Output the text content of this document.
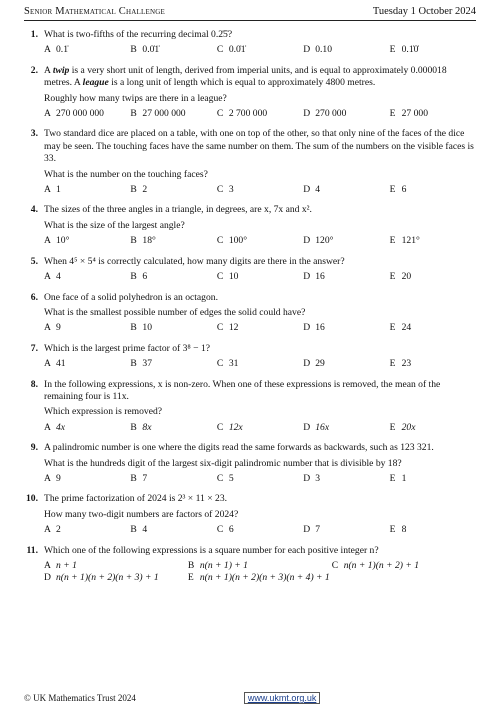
Senior Mathematical Challenge	Tuesday 1 October 2024
1. What is two-fifths of the recurring decimal 0.2̇5̇?

A 0.1̇	B 0.0̇1̇	C 0.0̇1̇	D 0.10	E 0.1̇0̇
2. A twip is a very short unit of length, derived from imperial units, and is equal to approximately 0.000018 metres. A league is a long unit of length which is equal to approximately 4800 metres.

Roughly how many twips are there in a league?

A 270 000 000	B 27 000 000	C 2 700 000	D 270 000	E 27 000
3. Two standard dice are placed on a table, with one on top of the other, so that only nine of the faces of the dice may be seen. The touching faces have the same number on them. The sum of the numbers on the visible faces is 33.

What is the number on the touching faces?

A 1	B 2	C 3	D 4	E 6
4. The sizes of the three angles in a triangle, in degrees, are x, 7x and x².

What is the size of the largest angle?

A 10°	B 18°	C 100°	D 120°	E 121°
5. When 4⁵ × 5⁴ is correctly calculated, how many digits are there in the answer?

A 4	B 6	C 10	D 16	E 20
6. One face of a solid polyhedron is an octagon.

What is the smallest possible number of edges the solid could have?

A 9	B 10	C 12	D 16	E 24
7. Which is the largest prime factor of 3⁸ − 1?

A 41	B 37	C 31	D 29	E 23
8. In the following expressions, x is non-zero. When one of these expressions is removed, the mean of the remaining four is 11x.

Which expression is removed?

A 4x	B 8x	C 12x	D 16x	E 20x
9. A palindromic number is one where the digits read the same forwards as backwards, such as 123 321.

What is the hundreds digit of the largest six-digit palindromic number that is divisible by 18?

A 9	B 7	C 5	D 3	E 1
10. The prime factorization of 2024 is 2³ × 11 × 23.

How many two-digit numbers are factors of 2024?

A 2	B 4	C 6	D 7	E 8
11. Which one of the following expressions is a square number for each positive integer n?

A n + 1	B n(n + 1) + 1	C n(n + 1)(n + 2) + 1
D n(n + 1)(n + 2)(n + 3) + 1	E n(n + 1)(n + 2)(n + 3)(n + 4) + 1
© UK Mathematics Trust 2024	www.ukmt.org.uk
